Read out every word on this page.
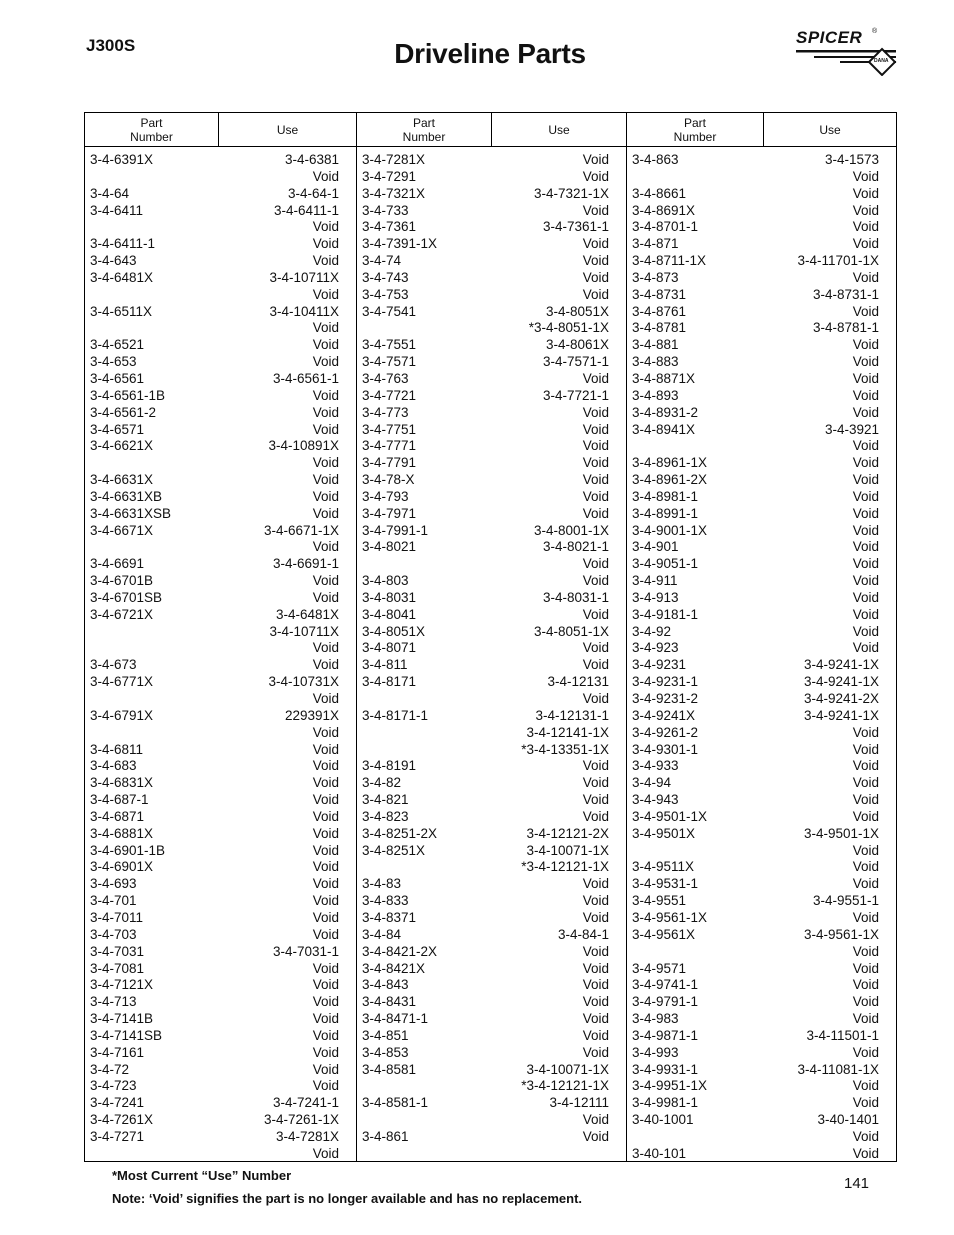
J300S	Driveline Parts
SPICER ®
DANA
Part
Number	Use	Part
Number	Use	Part
Number	Use
3-4-6391X	3-4-6381
Void
3-4-64	3-4-64-1
3-4-6411	3-4-6411-1
Void
3-4-6411-1	Void
3-4-643	Void
3-4-6481X	3-4-10711X
Void
3-4-6511X	3-4-10411X
Void
3-4-6521	Void
3-4-653	Void
3-4-6561	3-4-6561-1
3-4-6561-1B	Void
3-4-6561-2	Void
3-4-6571	Void
3-4-6621X	3-4-10891X
Void
3-4-6631X	Void
3-4-6631XB	Void
3-4-6631XSB	Void
3-4-6671X	3-4-6671-1X
Void
3-4-6691	3-4-6691-1
3-4-6701B	Void
3-4-6701SB	Void
3-4-6721X	3-4-6481X
3-4-10711X
Void
3-4-673	Void
3-4-6771X	3-4-10731X
Void
3-4-6791X	229391X
Void
3-4-6811	Void
3-4-683	Void
3-4-6831X	Void
3-4-687-1	Void
3-4-6871	Void
3-4-6881X	Void
3-4-6901-1B	Void
3-4-6901X	Void
3-4-693	Void
3-4-701	Void
3-4-7011	Void
3-4-703	Void
3-4-7031	3-4-7031-1
3-4-7081	Void
3-4-7121X	Void
3-4-713	Void
3-4-7141B	Void
3-4-7141SB	Void
3-4-7161	Void
3-4-72	Void
3-4-723	Void
3-4-7241	3-4-7241-1
3-4-7261X	3-4-7261-1X
3-4-7271	3-4-7281X
Void
3-4-7281X	Void
3-4-7291	Void
3-4-7321X	3-4-7321-1X
3-4-733	Void
3-4-7361	3-4-7361-1
3-4-7391-1X	Void
3-4-74	Void
3-4-743	Void
3-4-753	Void
3-4-7541	3-4-8051X
*3-4-8051-1X
3-4-7551	3-4-8061X
3-4-7571	3-4-7571-1
3-4-763	Void
3-4-7721	3-4-7721-1
3-4-773	Void
3-4-7751	Void
3-4-7771	Void
3-4-7791	Void
3-4-78-X	Void
3-4-793	Void
3-4-7971	Void
3-4-7991-1	3-4-8001-1X
3-4-8021	3-4-8021-1
Void
3-4-803	Void
3-4-8031	3-4-8031-1
3-4-8041	Void
3-4-8051X	3-4-8051-1X
3-4-8071	Void
3-4-811	Void
3-4-8171	3-4-12131
Void
3-4-8171-1	3-4-12131-1
3-4-12141-1X
*3-4-13351-1X
3-4-8191	Void
3-4-82	Void
3-4-821	Void
3-4-823	Void
3-4-8251-2X	3-4-12121-2X
3-4-8251X	3-4-10071-1X
*3-4-12121-1X
3-4-83	Void
3-4-833	Void
3-4-8371	Void
3-4-84	3-4-84-1
3-4-8421-2X	Void
3-4-8421X	Void
3-4-843	Void
3-4-8431	Void
3-4-8471-1	Void
3-4-851	Void
3-4-853	Void
3-4-8581	3-4-10071-1X
*3-4-12121-1X
3-4-8581-1	3-4-12111
Void
3-4-861	Void
3-4-863	3-4-1573
Void
3-4-8661	Void
3-4-8691X	Void
3-4-8701-1	Void
3-4-871	Void
3-4-8711-1X	3-4-11701-1X
3-4-873	Void
3-4-8731	3-4-8731-1
3-4-8761	Void
3-4-8781	3-4-8781-1
3-4-881	Void
3-4-883	Void
3-4-8871X	Void
3-4-893	Void
3-4-8931-2	Void
3-4-8941X	3-4-3921
Void
3-4-8961-1X	Void
3-4-8961-2X	Void
3-4-8981-1	Void
3-4-8991-1	Void
3-4-9001-1X	Void
3-4-901	Void
3-4-9051-1	Void
3-4-911	Void
3-4-913	Void
3-4-9181-1	Void
3-4-92	Void
3-4-923	Void
3-4-9231	3-4-9241-1X
3-4-9231-1	3-4-9241-1X
3-4-9231-2	3-4-9241-2X
3-4-9241X	3-4-9241-1X
3-4-9261-2	Void
3-4-9301-1	Void
3-4-933	Void
3-4-94	Void
3-4-943	Void
3-4-9501-1X	Void
3-4-9501X	3-4-9501-1X
Void
3-4-9511X	Void
3-4-9531-1	Void
3-4-9551	3-4-9551-1
3-4-9561-1X	Void
3-4-9561X	3-4-9561-1X
Void
3-4-9571	Void
3-4-9741-1	Void
3-4-9791-1	Void
3-4-983	Void
3-4-9871-1	3-4-11501-1
3-4-993	Void
3-4-9931-1	3-4-11081-1X
3-4-9951-1X	Void
3-4-9981-1	Void
3-40-1001	3-40-1401
Void
3-40-101	Void
*Most Current “Use” Number
Note: ‘Void’ signifies the part is no longer available and has no replacement.
141
